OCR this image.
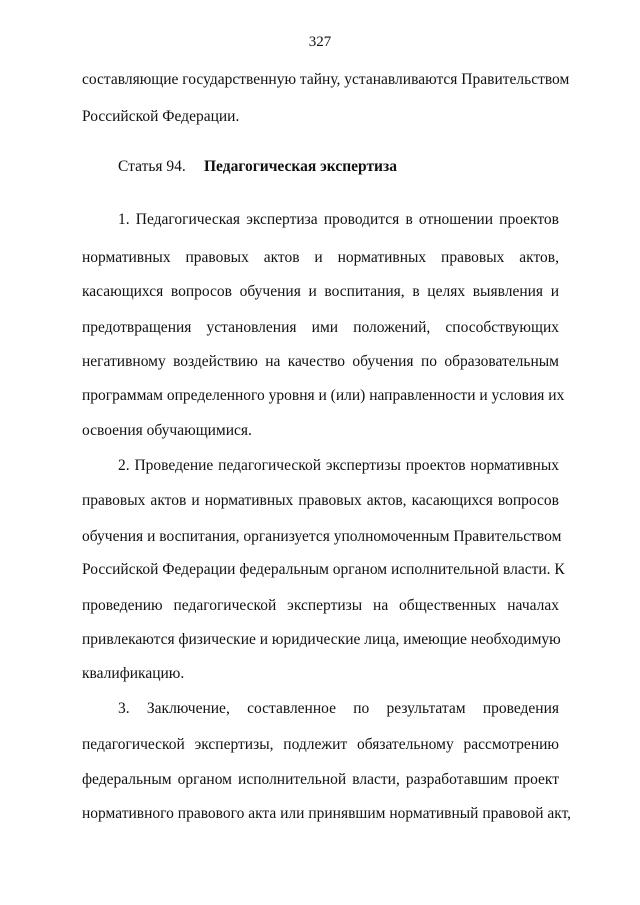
327
составляющие государственную тайну, устанавливаются Правительством
Российской Федерации.
Статья 94. Педагогическая экспертиза
1. Педагогическая экспертиза проводится в отношении проектов
нормативных правовых актов и нормативных правовых актов,
касающихся вопросов обучения и воспитания, в целях выявления и
предотвращения установления ими положений, способствующих
негативному воздействию на качество обучения по образовательным
программам определенного уровня и (или) направленности и условия их
освоения обучающимися.
2. Проведение педагогической экспертизы проектов нормативных
правовых актов и нормативных правовых актов, касающихся вопросов
обучения и воспитания, организуется уполномоченным Правительством
Российской Федерации федеральным органом исполнительной власти. К
проведению педагогической экспертизы на общественных началах
привлекаются физические и юридические лица, имеющие необходимую
квалификацию.
3. Заключение, составленное по результатам проведения
педагогической экспертизы, подлежит обязательному рассмотрению
федеральным органом исполнительной власти, разработавшим проект
нормативного правового акта или принявшим нормативный правовой акт,
